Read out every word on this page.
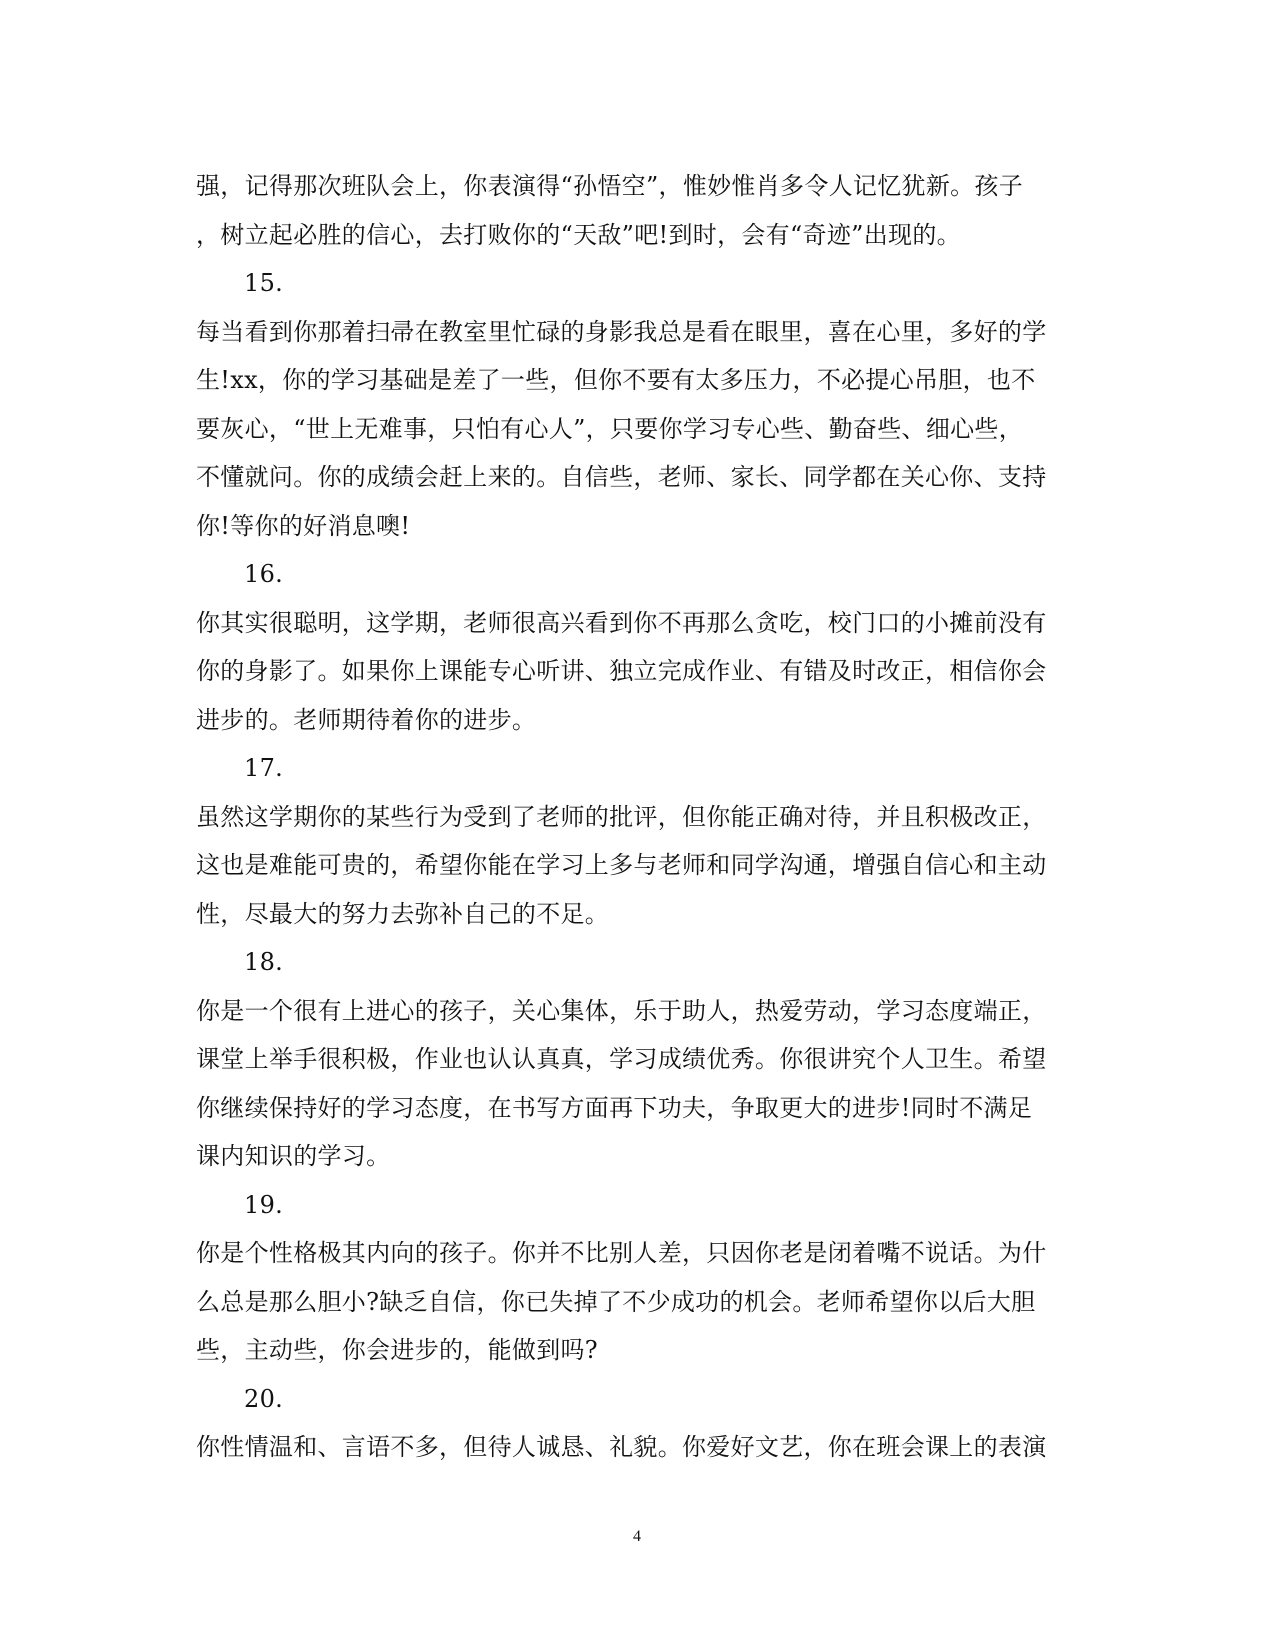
强，记得那次班队会上，你表演得“孙悟空”，惟妙惟肖多令人记忆犹新。孩子
，树立起必胜的信心，去打败你的“天敌”吧!到时，会有“奇迹”出现的。
15.
每当看到你那着扫帚在教室里忙碌的身影我总是看在眼里，喜在心里，多好的学
生!xx，你的学习基础是差了一些，但你不要有太多压力，不必提心吊胆，也不
要灰心，“世上无难事，只怕有心人”，只要你学习专心些、勤奋些、细心些，
不懂就问。你的成绩会赶上来的。自信些，老师、家长、同学都在关心你、支持
你!等你的好消息噢!
16.
你其实很聪明，这学期，老师很高兴看到你不再那么贪吃，校门口的小摊前没有
你的身影了。如果你上课能专心听讲、独立完成作业、有错及时改正，相信你会
进步的。老师期待着你的进步。
17.
虽然这学期你的某些行为受到了老师的批评，但你能正确对待，并且积极改正，
这也是难能可贵的，希望你能在学习上多与老师和同学沟通，增强自信心和主动
性，尽最大的努力去弥补自己的不足。
18.
你是一个很有上进心的孩子，关心集体，乐于助人，热爱劳动，学习态度端正，
课堂上举手很积极，作业也认认真真，学习成绩优秀。你很讲究个人卫生。希望
你继续保持好的学习态度，在书写方面再下功夫，争取更大的进步!同时不满足
课内知识的学习。
19.
你是个性格极其内向的孩子。你并不比别人差，只因你老是闭着嘴不说话。为什
么总是那么胆小?缺乏自信，你已失掉了不少成功的机会。老师希望你以后大胆
些，主动些，你会进步的，能做到吗?
20.
你性情温和、言语不多，但待人诚恳、礼貌。你爱好文艺，你在班会课上的表演
4
